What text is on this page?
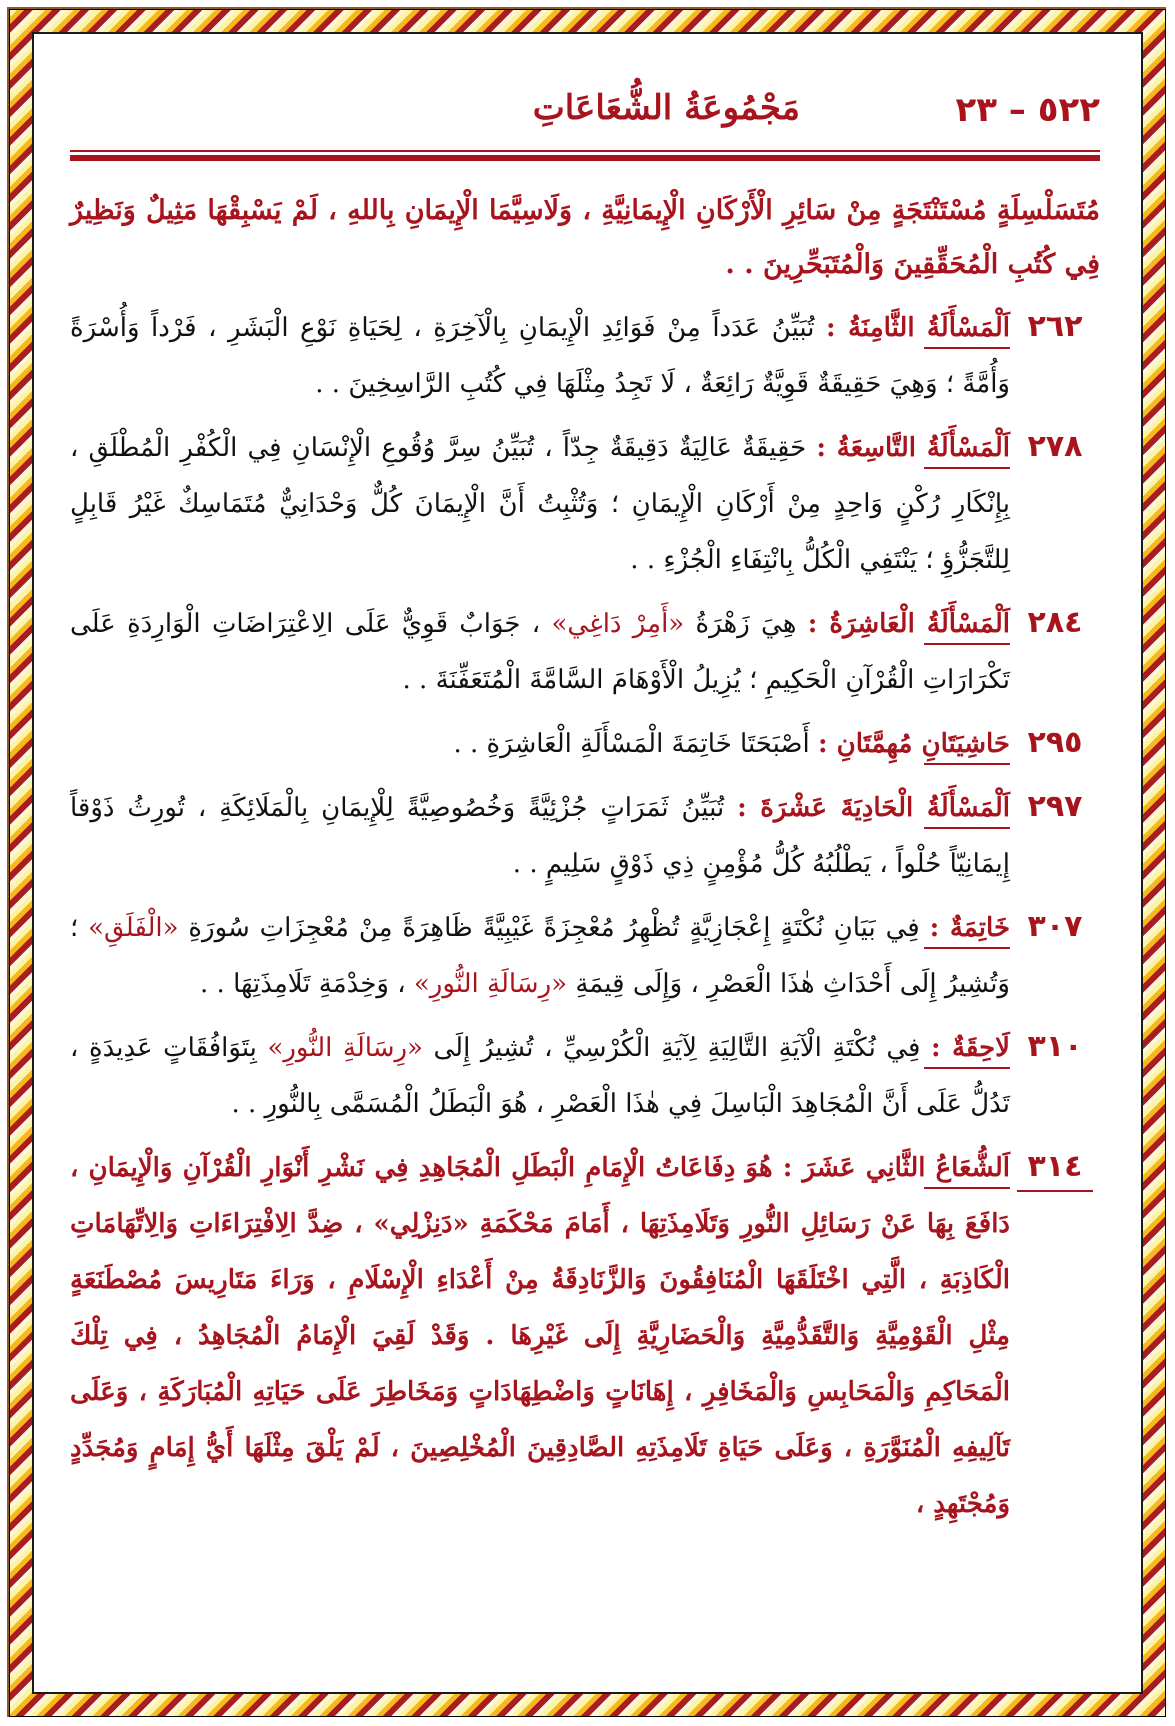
٥٢٢ – ٢٣
مَجْمُوعَةُ الشُّعَاعَاتِ
مُتَسَلْسِلَةٍ مُسْتَنْتَجَةٍ مِنْ سَائِرِ الْأَرْكَانِ الْإِيمَانِيَّةِ ، وَلَاسِيَّمَا الْإِيمَانِ بِاللهِ ، لَمْ يَسْبِقْهَا مَثِيلٌ وَنَظِيرٌ فِي كُتُبِ الْمُحَقِّقِينَ وَالْمُتَبَحِّرِينَ . .
٢٦٢
اَلْمَسْأَلَةُ الثَّامِنَةُ : تُبَيِّنُ عَدَداً مِنْ فَوَائِدِ الْإِيمَانِ بِالْآخِرَةِ ، لِحَيَاةِ نَوْعِ الْبَشَرِ ، فَرْداً وَأُسْرَةً وَأُمَّةً ؛ وَهِيَ حَقِيقَةٌ قَوِيَّةٌ رَائِعَةٌ ، لَا تَجِدُ مِثْلَهَا فِي كُتُبِ الرَّاسِخِينَ . .
٢٧٨
اَلْمَسْأَلَةُ التَّاسِعَةُ : حَقِيقَةٌ عَالِيَةٌ دَقِيقَةٌ جِدّاً ، تُبَيِّنُ سِرَّ وُقُوعِ الْإِنْسَانِ فِي الْكُفْرِ الْمُطْلَقِ ، بِإِنْكَارِ رُكْنٍ وَاحِدٍ مِنْ أَرْكَانِ الْإِيمَانِ ؛ وَتُثْبِتُ أَنَّ الْإِيمَانَ كُلٌّ وَحْدَانِيٌّ مُتَمَاسِكٌ غَيْرُ قَابِلٍ لِلتَّجَزُّؤِ ؛ يَنْتَفِي الْكُلُّ بِانْتِفَاءِ الْجُزْءِ . .
٢٨٤
اَلْمَسْأَلَةُ الْعَاشِرَةُ : هِيَ زَهْرَةُ «أَمِرْ دَاغِي» ، جَوَابٌ قَوِيٌّ عَلَى الِاعْتِرَاضَاتِ الْوَارِدَةِ عَلَى تَكْرَارَاتِ الْقُرْآنِ الْحَكِيمِ ؛ يُزِيلُ الْأَوْهَامَ السَّامَّةَ الْمُتَعَفِّنَةَ . .
٢٩٥
حَاشِيَتَانِ مُهِمَّتَانِ : أَصْبَحَتَا خَاتِمَةَ الْمَسْأَلَةِ الْعَاشِرَةِ . .
٢٩٧
اَلْمَسْأَلَةُ الْحَادِيَةَ عَشْرَةَ : تُبَيِّنُ ثَمَرَاتٍ جُزْئِيَّةً وَخُصُوصِيَّةً لِلْإِيمَانِ بِالْمَلَائِكَةِ ، تُورِثُ ذَوْقاً إِيمَانِيّاً حُلْواً ، يَطْلُبُهُ كُلُّ مُؤْمِنٍ ذِي ذَوْقٍ سَلِيمٍ . .
٣٠٧
خَاتِمَةٌ : فِي بَيَانِ نُكْتَةٍ إِعْجَازِيَّةٍ تُظْهِرُ مُعْجِزَةً غَيْبِيَّةً ظَاهِرَةً مِنْ مُعْجِزَاتِ سُورَةِ «الْفَلَقِ» ؛ وَتُشِيرُ إِلَى أَحْدَاثِ هٰذَا الْعَصْرِ ، وَإِلَى قِيمَةِ «رِسَالَةِ النُّورِ» ، وَخِدْمَةِ تَلَامِذَتِهَا . .
٣١٠
لَاحِقَةٌ : فِي نُكْتَةِ الْآيَةِ التَّالِيَةِ لِآيَةِ الْكُرْسِيِّ ، تُشِيرُ إِلَى «رِسَالَةِ النُّورِ» بِتَوَافُقَاتٍ عَدِيدَةٍ ، تَدُلُّ عَلَى أَنَّ الْمُجَاهِدَ الْبَاسِلَ فِي هٰذَا الْعَصْرِ ، هُوَ الْبَطَلُ الْمُسَمَّى بِالنُّورِ . .
٣١٤
اَلشُّعَاعُ الثَّانِي عَشَرَ : هُوَ دِفَاعَاتُ الْإِمَامِ الْبَطَلِ الْمُجَاهِدِ فِي نَشْرِ أَنْوَارِ الْقُرْآنِ وَالْإِيمَانِ ، دَافَعَ بِهَا عَنْ رَسَائِلِ النُّورِ وَتَلَامِذَتِهَا ، أَمَامَ مَحْكَمَةِ «دَنِزْلِي» ، ضِدَّ الِافْتِرَاءَاتِ وَالِاتِّهَامَاتِ الْكَاذِبَةِ ، الَّتِي اخْتَلَقَهَا الْمُنَافِقُونَ وَالزَّنَادِقَةُ مِنْ أَعْدَاءِ الْإِسْلَامِ ، وَرَاءَ مَتَارِيسَ مُصْطَنَعَةٍ مِثْلِ الْقَوْمِيَّةِ وَالتَّقَدُّمِيَّةِ وَالْحَضَارِيَّةِ إِلَى غَيْرِهَا . وَقَدْ لَقِيَ الْإِمَامُ الْمُجَاهِدُ ، فِي تِلْكَ الْمَحَاكِمِ وَالْمَحَابِسِ وَالْمَخَافِرِ ، إِهَانَاتٍ وَاضْطِهَادَاتٍ وَمَخَاطِرَ عَلَى حَيَاتِهِ الْمُبَارَكَةِ ، وَعَلَى تَآلِيفِهِ الْمُنَوَّرَةِ ، وَعَلَى حَيَاةِ تَلَامِذَتِهِ الصَّادِقِينَ الْمُخْلِصِينَ ، لَمْ يَلْقَ مِثْلَهَا أَيُّ إِمَامٍ وَمُجَدِّدٍ وَمُجْتَهِدٍ ،
